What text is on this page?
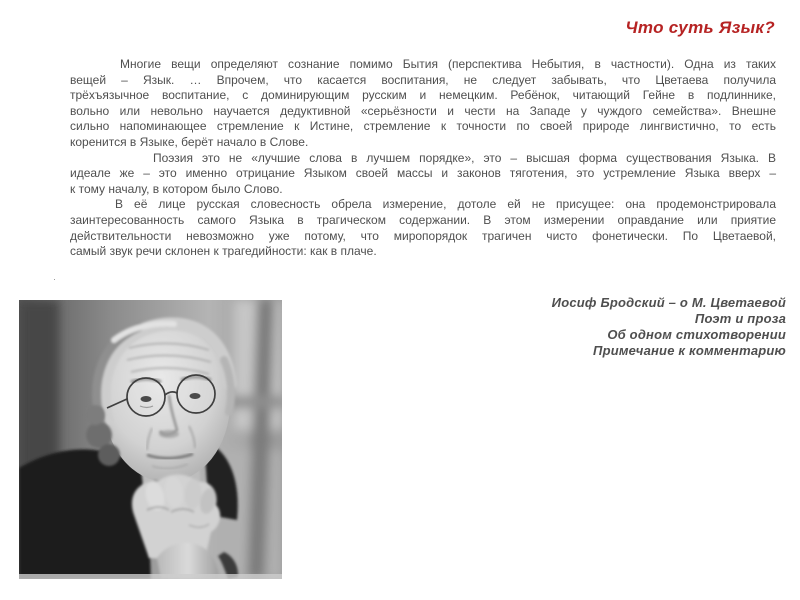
Что суть Язык?
Многие вещи определяют сознание помимо Бытия (перспектива Небытия, в частности). Одна из таких
вещей – Язык. … Впрочем, что касается воспитания, не следует забывать, что Цветаева получила
трёхъязычное воспитание, с доминирующим русским и немецким. Ребёнок, читающий Гейне в подлиннике,
вольно или невольно научается дедуктивной «серьёзности и чести на Западе у чуждого семейства». Внешне
сильно напоминающее стремление к Истине, стремление к точности по своей природе лингвистично, то есть
коренится в Языке, берёт начало в Слове.
Поэзия это не «лучшие слова в лучшем порядке», это – высшая форма существования Языка. В
идеале же – это именно отрицание Языком своей массы и законов тяготения, это устремление Языка вверх –
к тому началу, в котором было Слово.
В её лице русская словесность обрела измерение, дотоле ей не присущее: она продемонстрировала
заинтересованность самого Языка в трагическом содержании. В этом измерении оправдание или приятие
действительности невозможно уже потому, что миропорядок трагичен чисто фонетически. По Цветаевой,
самый звук речи склонен к трагедийности: как в плаче.
·
Иосиф Бродский – о М. Цветаевой
Поэт и проза
Об одном стихотворении
Примечание к комментарию
